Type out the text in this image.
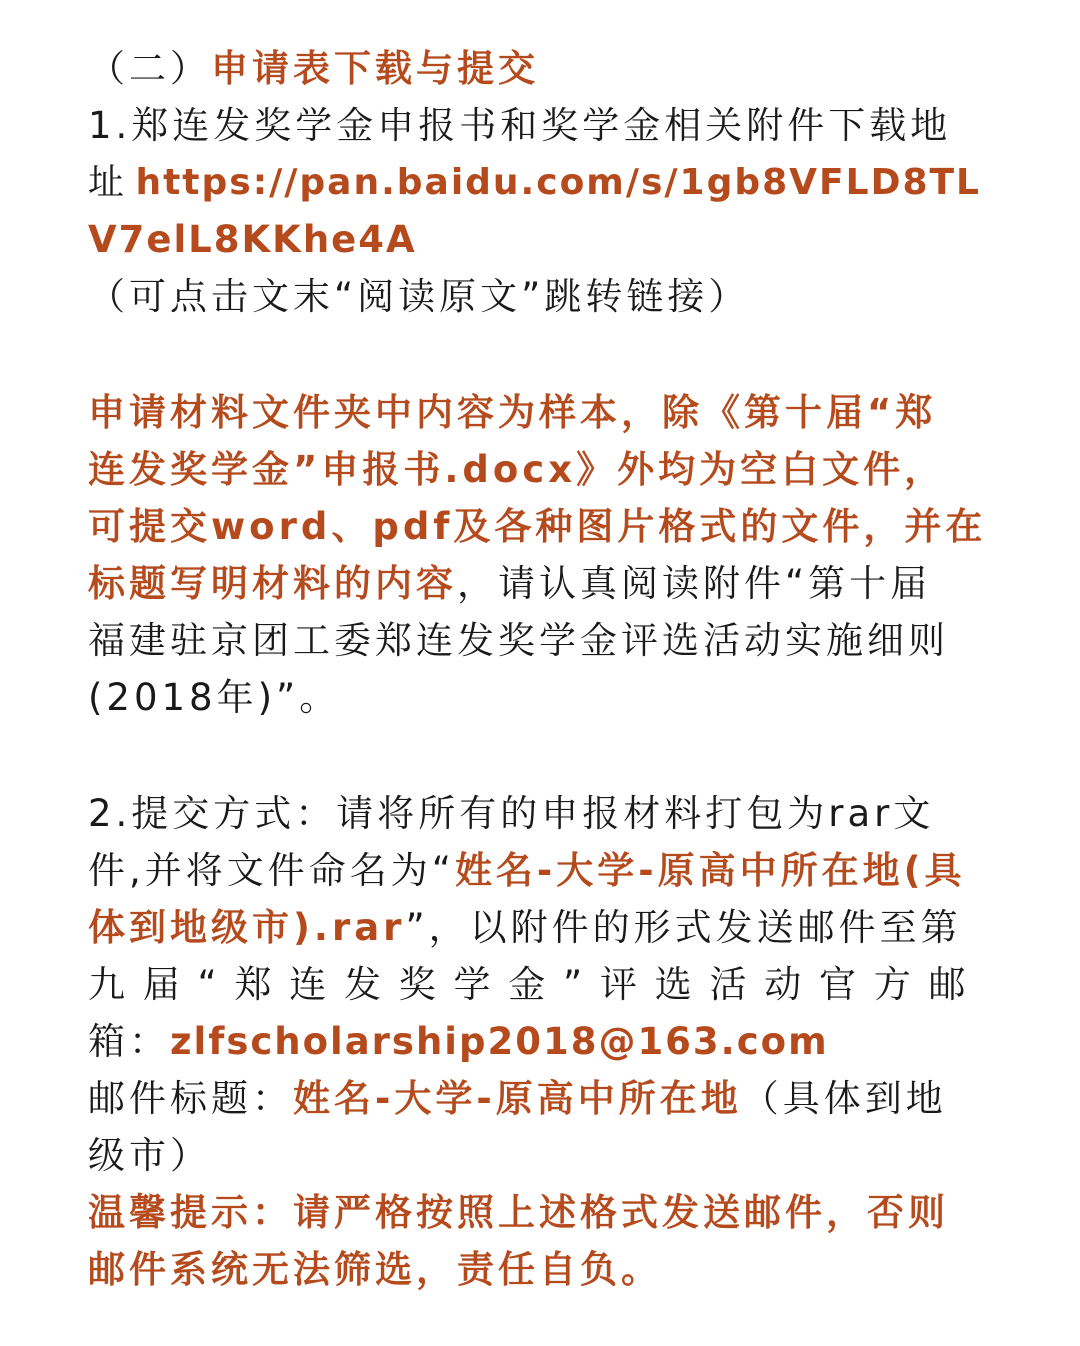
（二）申请表下载与提交
1.郑连发奖学金申报书和奖学金相关附件下载地
址 https://pan.baidu.com/s/1gb8VFLD8TL
V7elL8KKhe4A
（可点击文末“阅读原文”跳转链接）
申请材料文件夹中内容为样本，除《第十届“郑
连发奖学金”申报书.docx》外均为空白文件，
可提交word、pdf及各种图片格式的文件，并在
标题写明材料的内容，请认真阅读附件“第十届
福建驻京团工委郑连发奖学金评选活动实施细则
(2018年)”。
2.提交方式：请将所有的申报材料打包为rar文
件,并将文件命名为“姓名-大学-原高中所在地(具
体到地级市).rar”，以附件的形式发送邮件至第
九 届 “ 郑 连 发 奖 学 金 ” 评 选 活 动 官 方 邮
箱：zlfscholarship2018@163.com
邮件标题：姓名-大学-原高中所在地（具体到地
级市）
温馨提示：请严格按照上述格式发送邮件，否则
邮件系统无法筛选，责任自负。
